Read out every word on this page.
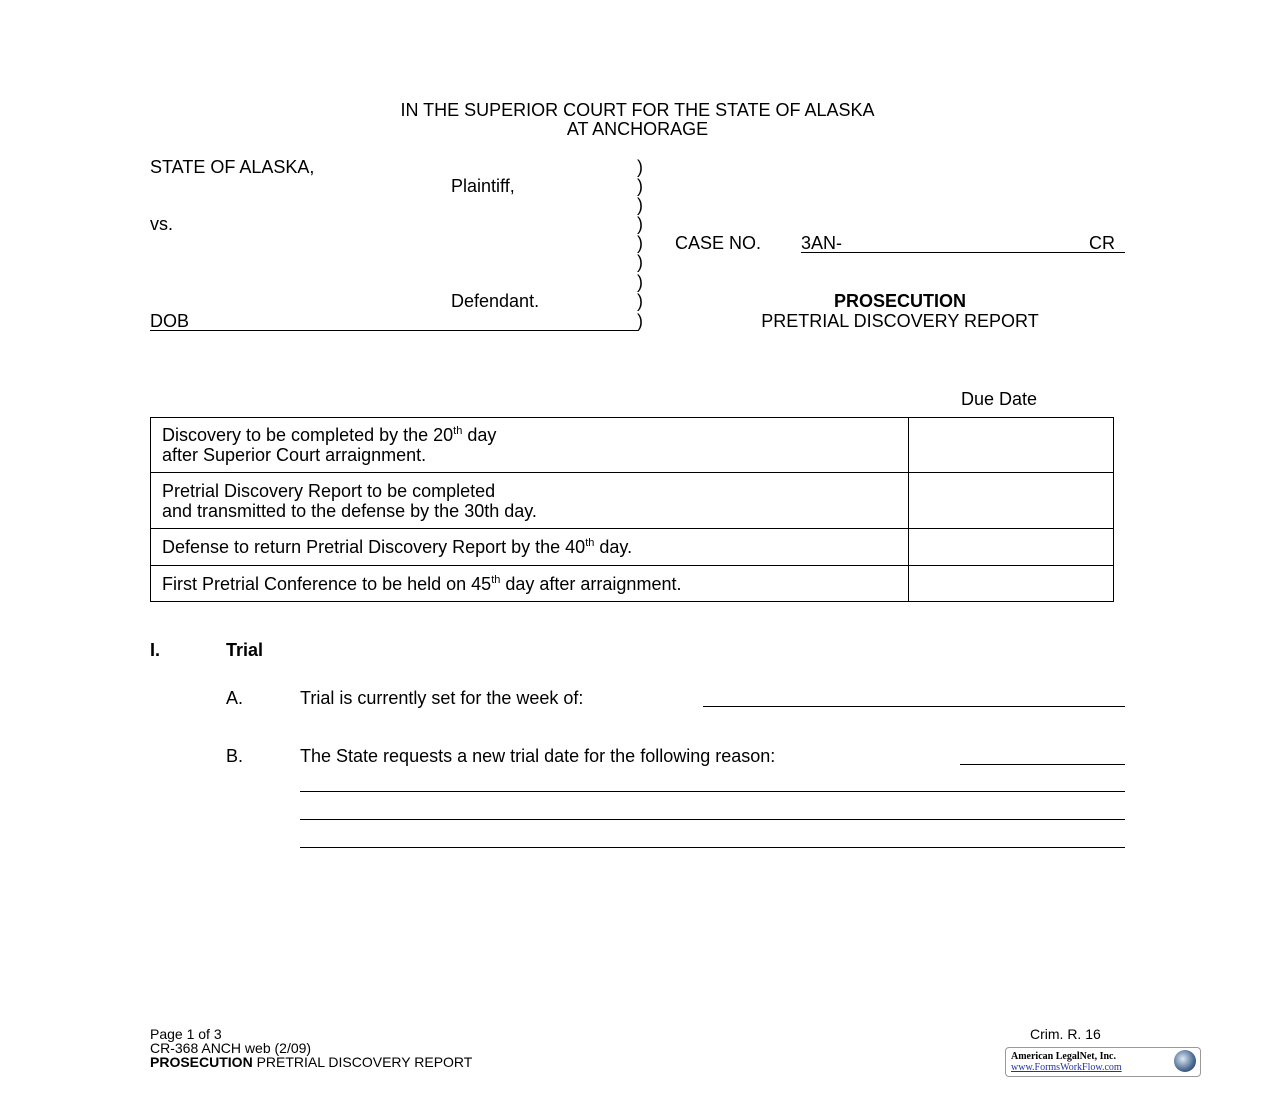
IN THE SUPERIOR COURT FOR THE STATE OF ALASKA
AT ANCHORAGE
STATE OF ALASKA,
Plaintiff,
vs.
Defendant.
DOB
)
)
)
)
)
)
)
)
)
CASE NO. 3AN-	CR
PROSECUTION
PRETRIAL DISCOVERY REPORT
Due Date
Discovery to be completed by the 20th day
after Superior Court arraignment.	
Pretrial Discovery Report to be completed
and transmitted to the defense by the 30th day.	
Defense to return Pretrial Discovery Report by the 40th day.	
First Pretrial Conference to be held on 45th day after arraignment.	
I.	Trial
A.	Trial is currently set for the week of:
B.	The State requests a new trial date for the following reason:
Page 1 of 3
CR-368 ANCH web (2/09)
PROSECUTION PRETRIAL DISCOVERY REPORT
Crim. R. 16
American LegalNet, Inc.
www.FormsWorkFlow.com
